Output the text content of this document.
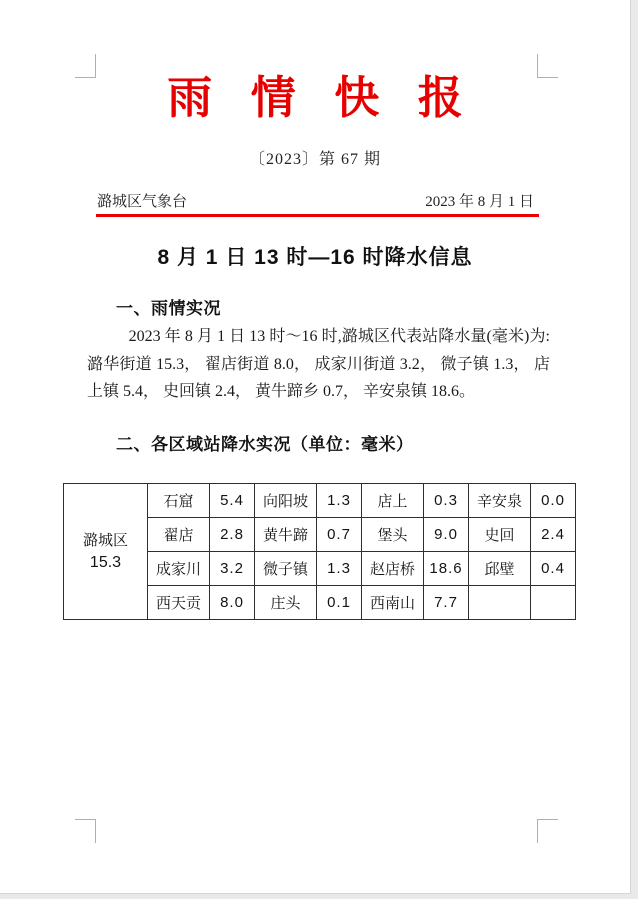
雨 情 快 报
〔2023〕第 67 期
潞城区气象台	2023 年 8 月 1 日
8 月 1 日 13 时—16 时降水信息
一、雨情实况
2023 年 8 月 1 日 13 时～16 时,潞城区代表站降水量(毫米)为:潞华街道 15.3， 翟店街道 8.0， 成家川街道 3.2， 微子镇 1.3， 店上镇 5.4， 史回镇 2.4， 黄牛蹄乡 0.7， 辛安泉镇 18.6。
二、各区域站降水实况（单位：毫米）
潞城区
15.3	石窟	5.4	向阳坡	1.3	店上	0.3	辛安泉	0.0
	翟店	2.8	黄牛蹄	0.7	堡头	9.0	史回	2.4
	成家川	3.2	微子镇	1.3	赵店桥	18.6	邱壁	0.4
	西天贡	8.0	庄头	0.1	西南山	7.7		
